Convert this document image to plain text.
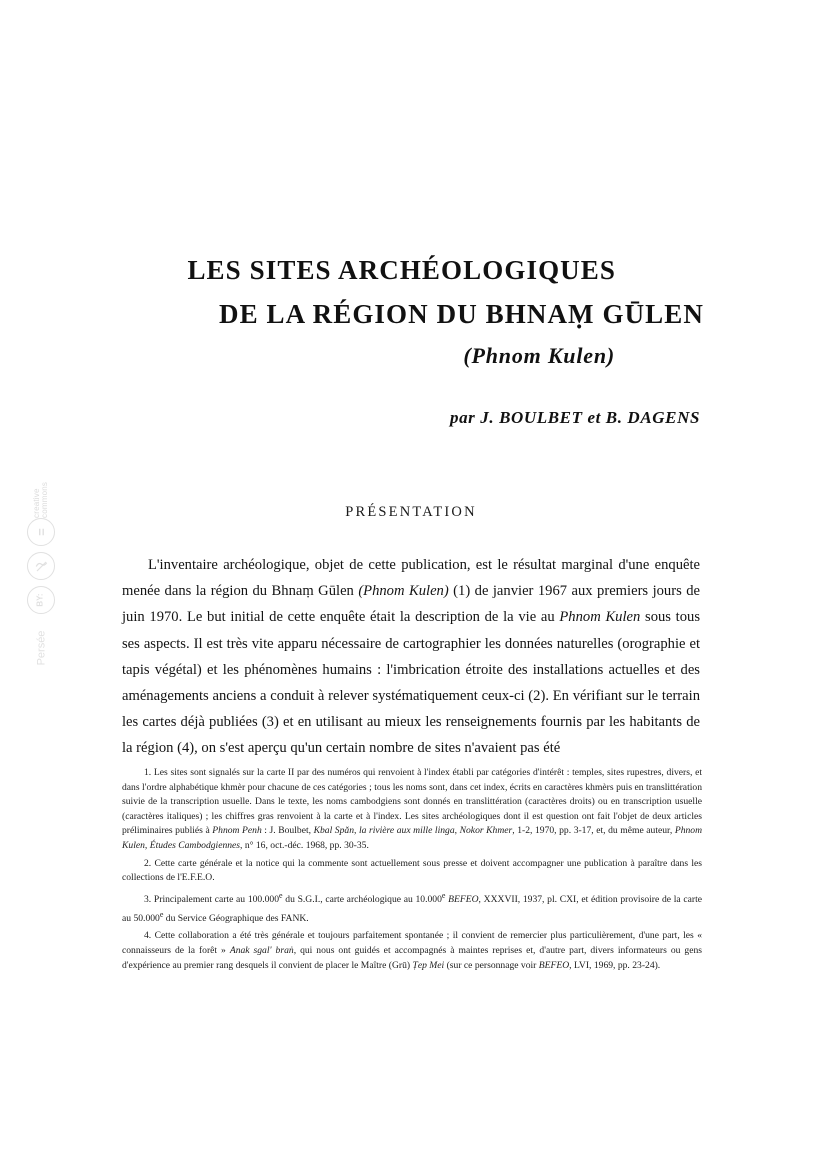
creative commons
=
BY:
Persée
LES SITES ARCHÉOLOGIQUES
DE LA RÉGION DU BHNAṂ GŪLEN
(Phnom Kulen)
par J. BOULBET et B. DAGENS
PRÉSENTATION

L'inventaire archéologique, objet de cette publication, est le résultat marginal d'une enquête menée dans la région du Bhnaṃ Gūlen (Phnom Kulen) (1) de janvier 1967 aux premiers jours de juin 1970. Le but initial de cette enquête était la description de la vie au Phnom Kulen sous tous ses aspects. Il est très vite apparu nécessaire de cartographier les données naturelles (orographie et tapis végétal) et les phénomènes humains : l'imbrication étroite des installations actuelles et des aménagements anciens a conduit à relever systématiquement ceux-ci (2). En vérifiant sur le terrain les cartes déjà publiées (3) et en utilisant au mieux les renseignements fournis par les habitants de la région (4), on s'est aperçu qu'un certain nombre de sites n'avaient pas été

1. Les sites sont signalés sur la carte II par des numéros qui renvoient à l'index établi par catégories d'intérêt : temples, sites rupestres, divers, et dans l'ordre alphabétique khmèr pour chacune de ces catégories ; tous les noms sont, dans cet index, écrits en caractères khmèrs puis en translittération suivie de la transcription usuelle. Dans le texte, les noms cambodgiens sont donnés en translittération (caractères droits) ou en transcription usuelle (caractères italiques) ; les chiffres gras renvoient à la carte et à l'index. Les sites archéologiques dont il est question ont fait l'objet de deux articles préliminaires publiés à Phnom Penh : J. Boulbet, Kbal Spǎn, la rivière aux mille linga, Nokor Khmer, 1-2, 1970, pp. 3-17, et, du même auteur, Phnom Kulen, Études Cambodgiennes, n° 16, oct.-déc. 1968, pp. 30-35.

2. Cette carte générale et la notice qui la commente sont actuellement sous presse et doivent accompagner une publication à paraître dans les collections de l'E.F.E.O.

3. Principalement carte au 100.000e du S.G.I., carte archéologique au 10.000e BEFEO, XXXVII, 1937, pl. CXI, et édition provisoire de la carte au 50.000e du Service Géographique des FANK.

4. Cette collaboration a été très générale et toujours parfaitement spontanée ; il convient de remercier plus particulièrement, d'une part, les « connaisseurs de la forêt » Anak sgal' braṅ, qui nous ont guidés et accompagnés à maintes reprises et, d'autre part, divers informateurs ou gens d'expérience au premier rang desquels il convient de placer le Maître (Grū) Ṭep Mei (sur ce personnage voir BEFEO, LVI, 1969, pp. 23-24).
